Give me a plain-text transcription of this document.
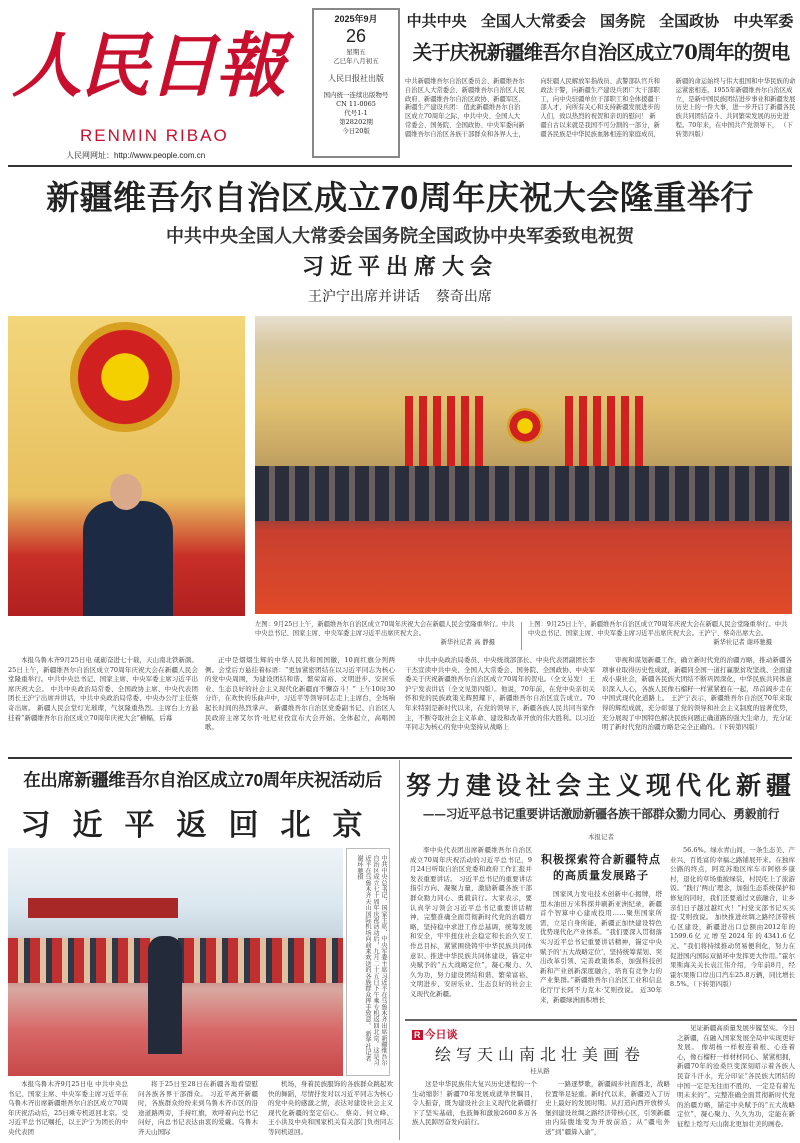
人民日報
RENMIN RIBAO
人民网网址：http://www.people.com.cn
2025年9月
26
星期五
乙巳年八月初五
人民日报社出版
国内统一连续出版物号
CN 11-0065
代号1-1
第28202期
今日20版
中共中央 全国人大常委会 国务院 全国政协 中央军委
关于庆祝新疆维吾尔自治区成立70周年的贺电
中共新疆维吾尔自治区委员会、新疆维吾尔自治区人大常委会、新疆维吾尔自治区人民政府、新疆维吾尔自治区政协、新疆军区、新疆生产建设兵团： 值此新疆维吾尔自治区成立70周年之际，中共中央、全国人大常委会、国务院、全国政协、中央军委向新疆维吾尔自治区各族干部群众和各界人士，向驻疆人民解放军指战员、武警部队官兵和政法干警，向新疆生产建设兵团广大干部职工，向中央驻疆单位干部职工和全体援疆干部人才，向所有关心和支持新疆发展进步的人们，致以热烈的祝贺和亲切的慰问！ 新疆自古以来就是我国不可分割的一部分，新疆各民族是中华民族血脉相连的家庭成员，新疆的命运始终与伟大祖国和中华民族的命运紧密相连。1955年新疆维吾尔自治区成立，是新中国民族团结进步事业和新疆发展历史上的一件大事，进一步开启了新疆各民族共同团结奋斗、共同繁荣发展的历史进程。70年来，在中国共产党领导下， （下转第四版）
新疆维吾尔自治区成立70周年庆祝大会隆重举行
中共中央全国人大常委会国务院全国政协中央军委致电祝贺
习近平出席大会
王沪宁出席并讲话 蔡奇出席
左图：9月25日上午，新疆维吾尔自治区成立70周年庆祝大会在新疆人民会堂隆重举行。中共中央总书记、国家主席、中央军委主席习近平出席庆祝大会。
新华社记者 高 静摄
上图：9月25日上午，新疆维吾尔自治区成立70周年庆祝大会在新疆人民会堂隆重举行。中共中央总书记、国家主席、中央军委主席习近平出席庆祝大会。王沪宁、蔡奇出席大会。
新华社记者 谢环驰摄
本报乌鲁木齐9月25日电 砥砺奋进七十载，天山南北铁新颜。25日上午，新疆维吾尔自治区成立70周年庆祝大会在新疆人民会堂隆重举行。中共中央总书记、国家主席、中央军委主席习近平出席庆祝大会。 中共中央政治局常委、全国政协主席、中央代表团团长王沪宁出席并讲话，中共中央政治局常委、中央办公厅主任蔡奇出席。 新疆人民会堂灯光璀璨，气氛隆重热烈。主席台上方悬挂着“新疆维吾尔自治区成立70周年庆祝大会”横幅，后幕
正中是熠熠生辉的中华人民共和国国徽，10面红旗分列两侧。会堂后方悬挂着标语：“更加紧密团结在以习近平同志为核心的党中央周围，为建设团结和谐、繁荣富裕、文明进步、安居乐业、生态良好的社会主义现代化新疆而不懈奋斗！” 上午10时30分许，在欢快的乐曲声中，习近平等领导同志走上主席台，全场响起长时间的热烈掌声。 新疆维吾尔自治区党委副书记、自治区人民政府主席艾尔肯·吐尼亚孜宣布大会开始。全体起立，高唱国歌。
中共中央政治局委员、中央统战部部长、中央代表团副团长李干杰宣读中共中央、全国人大常委会、国务院、全国政协、中央军委关于庆祝新疆维吾尔自治区成立70周年的贺电。（全文另发） 王沪宁发表讲话（全文见第四版）。他说，70年前，在党中央亲切关怀和党的民族政策光辉照耀下，新疆维吾尔自治区宣告成立。70年来特别是新时代以来，在党的领导下，新疆各族人民共同当家作主，不断夺取社会主义革命、建设和改革开放的伟大胜利。以习近平同志为核心的党中央坚持从战略上
审视和谋划新疆工作，确立新时代党的治疆方略，推动新疆各项事业取得历史性成就，新疆同全国一道打赢脱贫攻坚战、全面建成小康社会，新疆各民族大团结不断巩固深化，中华民族共同体意识深入人心，各族人民像石榴籽一样紧紧抱在一起，昂首阔步走在中国式现代化道路上。 王沪宁表示，新疆维吾尔自治区70年来取得的辉煌成就，充分彰显了党的领导和社会主义制度的显著优势，充分展现了中国特色解决民族问题正确道路的强大生命力，充分证明了新时代党的治疆方略是完全正确的。（下转第四版）
在出席新疆维吾尔自治区成立70周年庆祝活动后
习近平返回北京
中共中央总书记、国家主席、中央军委主席习近平在乌鲁木齐出席新疆维吾尔自治区成立七十周年庆祝活动后，九月二十五日下午乘专机返回北京。这是习近平在乌鲁木齐天山国际机场向前来欢送的各族群众挥手致意。 新华社记者 谢环驰摄
本报乌鲁木齐9月25日电 中共中央总书记、国家主席、中央军委主席习近平在乌鲁木齐出席新疆维吾尔自治区成立70周年庆祝活动后，25日乘专机返回北京。受习近平总书记嘱托，以王沪宁为团长的中央代表团
将于25日至28日在新疆各地看望慰问各族各界干部群众。 习近平离开新疆时，各族群众纷纷来到乌鲁木齐市区的沿途道路两旁，手持红旗，欢呼着向总书记问好，向总书记表达由衷的爱戴。乌鲁木齐天山国际
机场，身着民族服饰的各族群众跳起欢快的舞蹈，尽情抒发对以习近平同志为核心的党中央的感激之情，表达对建设社会主义现代化新疆的坚定信心。 蔡奇、何立峰、王小洪及中央和国家机关有关部门负责同志等同机返回。
努力建设社会主义现代化新疆
——习近平总书记重要讲话激励新疆各族干部群众勠力同心、勇毅前行
本报记者
率中央代表团出席新疆维吾尔自治区成立70周年庆祝活动的习近平总书记，9月24日听取自治区党委和政府工作汇报并发表重要讲话。 习近平总书记的重要讲话指引方向、凝聚力量，激励新疆各族干部群众勠力同心、勇毅前行。大家表示，要认真学习领会习近平总书记重要讲话精神，完整准确全面贯彻新时代党的治疆方略，坚持稳中求进工作总基调，统筹发展和安全，牢牢扭住社会稳定和长治久安工作总目标，紧紧围绕铸牢中华民族共同体意识、推进中华民族共同体建设，锚定中央赋予的“五大战略定位”，凝心聚力、久久为功，努力建设团结和谐、繁荣富裕、文明进步、安居乐业、生态良好的社会主义现代化新疆。
积极探索符合新疆特点的高质量发展路子
国家风力发电技术创新中心揭牌，塔里木油田万米科探井刷新亚洲纪录，新疆首个智算中心建成投用……聚焦国家所需，立足自身所能，新疆正加快建设特色优势现代化产业体系。“我们要深入贯彻落实习近平总书记重要讲话精神，锚定中央赋予的‘五大战略定位’，坚持统筹谋划、突出改革引领、完善政策体系，加强科技创新和产业创新深度融合，培育有竞争力的产业集群。”新疆维吾尔自治区工业和信息化厅厅长阿不力克木·艾则孜说。 近30年来，新疆绿洲面积增长
56.6%。绿水青山间，一条生态美、产业兴、百姓富的幸福之路铺展开来。在独库公路的终点，阿克苏地区库车市阿格乡康村，退化的草场重披绿装，村民吃上了旅游饭。“践行‘两山’理念，加强生态系统保护和修复的同时，我们还要通过文旅融合，让乡亲们日子越过越红火！”村党支部书记买买提·艾则孜说。 加快推进丝绸之路经济带核心区建设，新疆进出口总额由2012年的1599.6亿元增至2024年的4341.6亿元。“我们将持续推动贸易便利化，努力在促进国内国际双循环中发挥更大作用。”霍尔果斯海关关长袁江伟介绍，今年前8月，经霍尔果斯口岸出口汽车25.8万辆，同比增长8.5%。（下转第四版）
R 今日谈
绘写天山南北壮美画卷
桂从路
这是中华民族伟大复兴历史进程的一个生动缩影！新疆70年发展成就举世瞩目，令人振奋，既为建设社会主义现代化新疆打下了坚实基础，也鼓舞和激励2600多万各族人民踔厉奋发向前行。
一路逐梦歌，新疆阔步社面西北，战略位置举足轻重。新时代以来，新疆迈入了历史上最好的发展时期。从打造向西开放桥头堡到建设丝绸之路经济带核心区，引领新疆由内陆腹地变为开放前沿；从“疆电外送”到“疆算入渝”，
见证新疆高质量发展步履坚实。今日之新疆，在融入国家发展全局中实现更好发展。 像胡杨一样根连着根、心连着心，像石榴籽一样材材同心、紧紧相拥，新疆70年的沧桑巨变深刻昭示着各族人民奋斗汗水，充分印证“各民族大团结的中国一定是无往而不胜的、一定是有着光明未来的”。完整准确全面贯彻新时代党的治疆方略，锚定中央赋予的“五大战略定位”，凝心聚力、久久为功，定能在新征程上绘写天山南北更加壮美的画卷。
